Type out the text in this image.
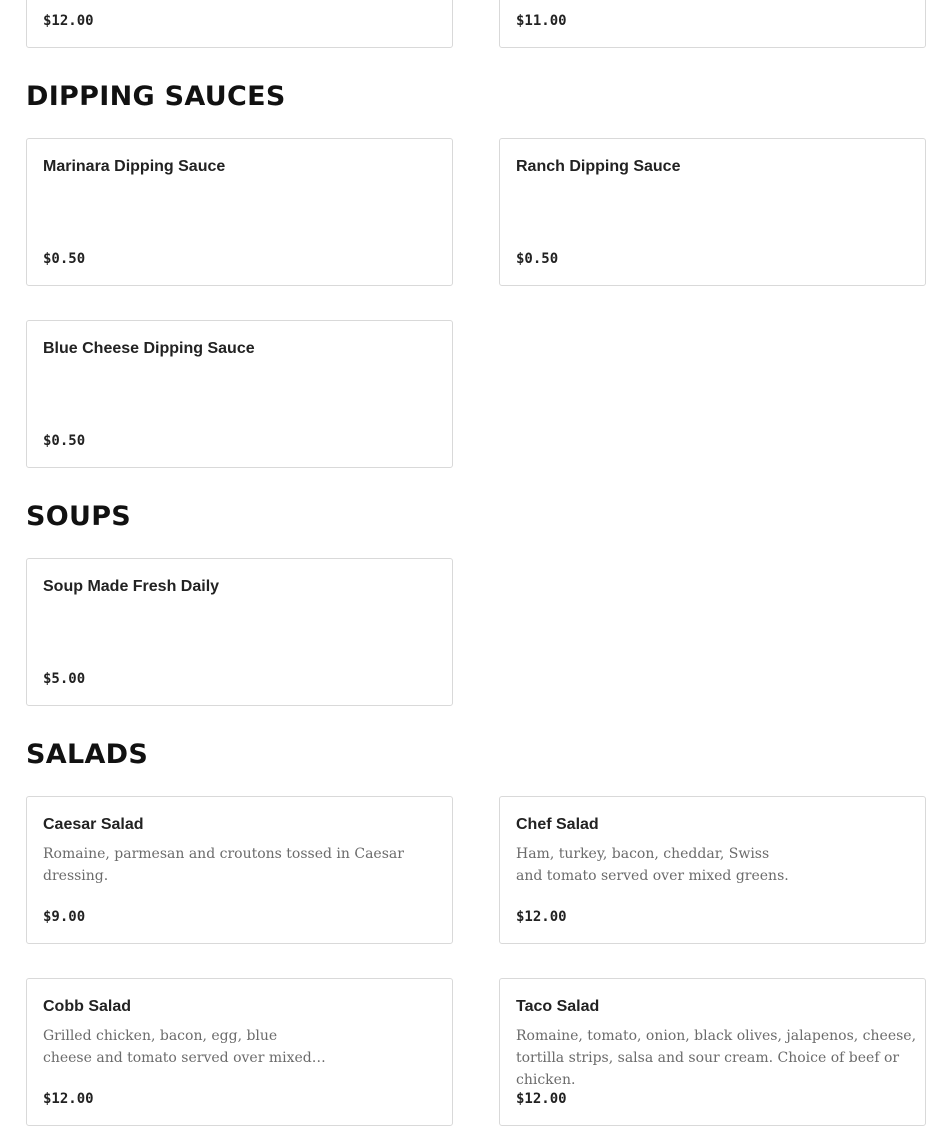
$12.00	$11.00
DIPPING SAUCES
Marinara Dipping Sauce
$0.50
Ranch Dipping Sauce
$0.50
Blue Cheese Dipping Sauce
$0.50
SOUPS
Soup Made Fresh Daily
$5.00
SALADS
Caesar Salad
Romaine, parmesan and croutons tossed in Caesar dressing.
$9.00
Chef Salad
Ham, turkey, bacon, cheddar, Swiss
and tomato served over mixed greens.
$12.00
Cobb Salad
Grilled chicken, bacon, egg, blue
cheese and tomato served over mixed…
$12.00
Taco Salad
Romaine, tomato, onion, black olives, jalapenos, cheese,
tortilla strips, salsa and sour cream. Choice of beef or chicken.
$12.00
